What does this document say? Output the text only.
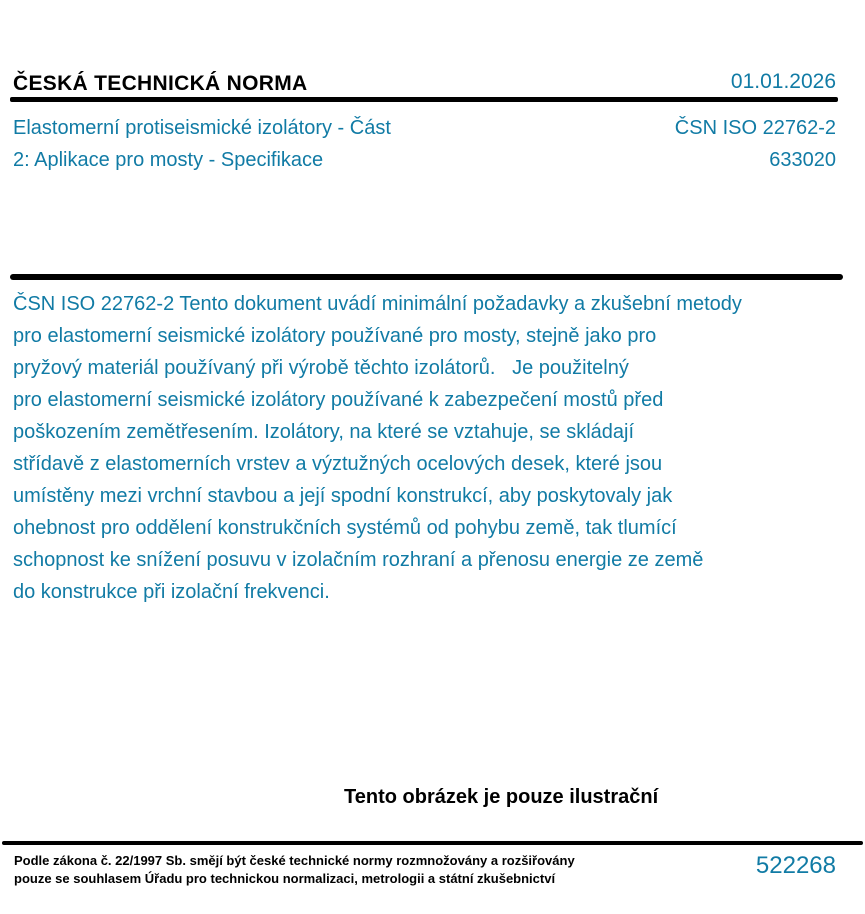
ČESKÁ TECHNICKÁ NORMA	01.01.2026
Elastomerní protiseismické izolátory - Část
2: Aplikace pro mosty - Specifikace
ČSN ISO 22762-2
633020
ČSN ISO 22762-2 Tento dokument uvádí minimální požadavky a zkušební metody
pro elastomerní seismické izolátory používané pro mosty, stejně jako pro
pryžový materiál používaný při výrobě těchto izolátorů.   Je použitelný
pro elastomerní seismické izolátory používané k zabezpečení mostů před
poškozením zemětřesením. Izolátory, na které se vztahuje, se skládají
střídavě z elastomerních vrstev a výztužných ocelových desek, které jsou
umístěny mezi vrchní stavbou a její spodní konstrukcí, aby poskytovaly jak
ohebnost pro oddělení konstrukčních systémů od pohybu země, tak tlumící
schopnost ke snížení posuvu v izolačním rozhraní a přenosu energie ze země
do konstrukce při izolační frekvenci.
Tento obrázek je pouze ilustrační
Podle zákona č. 22/1997 Sb. smějí být české technické normy rozmnožovány a rozšiřovány
pouze se souhlasem Úřadu pro technickou normalizaci, metrologii a státní zkušebnictví	522268
